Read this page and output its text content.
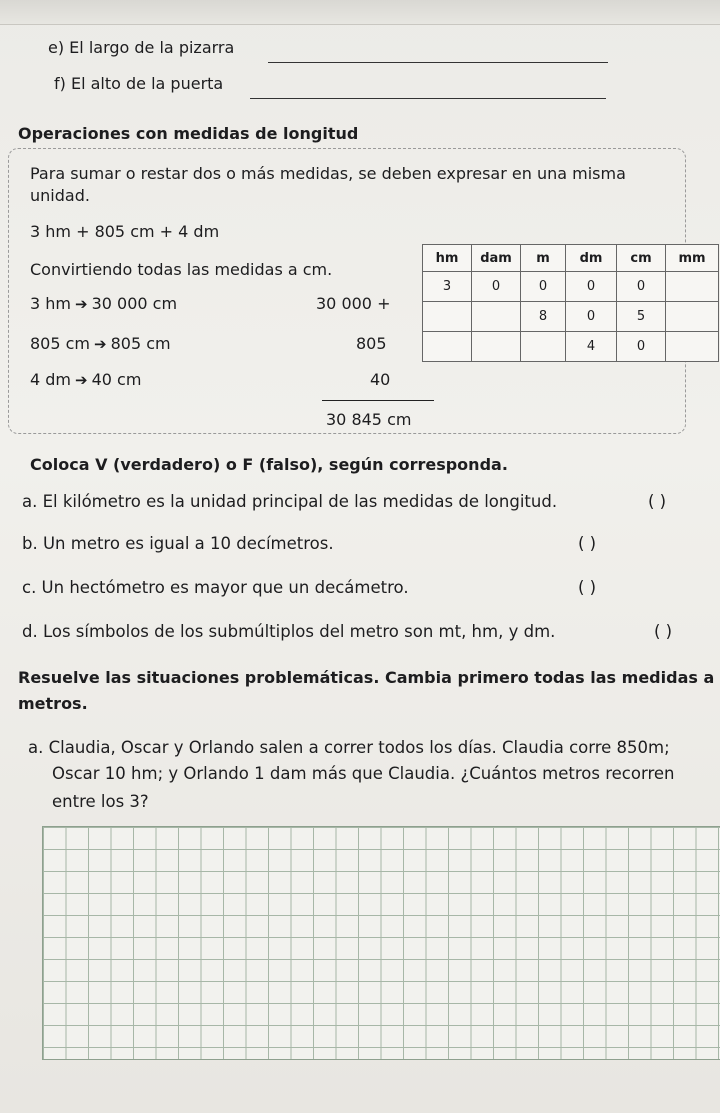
e) El largo de la pizarra
f) El alto de la puerta
Operaciones con medidas de longitud
Para sumar o restar dos o más medidas, se deben expresar en una misma
unidad.
3 hm + 805 cm + 4 dm
Convirtiendo todas las medidas a cm.
3 hm ➔ 30 000 cm
805 cm ➔ 805 cm
4 dm ➔ 40 cm
30 000 +
805
40
30 845 cm
hm	dam	m	dm	cm	mm
3	0	0	0	0	
		8	0	5	
			4	0	
Coloca V (verdadero) o F (falso), según corresponda.
a. El kilómetro es la unidad principal de las medidas de longitud.	( )
b. Un metro es igual a 10 decímetros.	( )
c. Un hectómetro es mayor que un decámetro.	( )
d. Los símbolos de los submúltiplos del metro son mt, hm, y dm.	( )
Resuelve las situaciones problemáticas. Cambia primero todas las medidas a
metros.
a. Claudia, Oscar y Orlando salen a correr todos los días. Claudia corre 850m;
Oscar 10 hm; y Orlando 1 dam más que Claudia. ¿Cuántos metros recorren
entre los 3?
